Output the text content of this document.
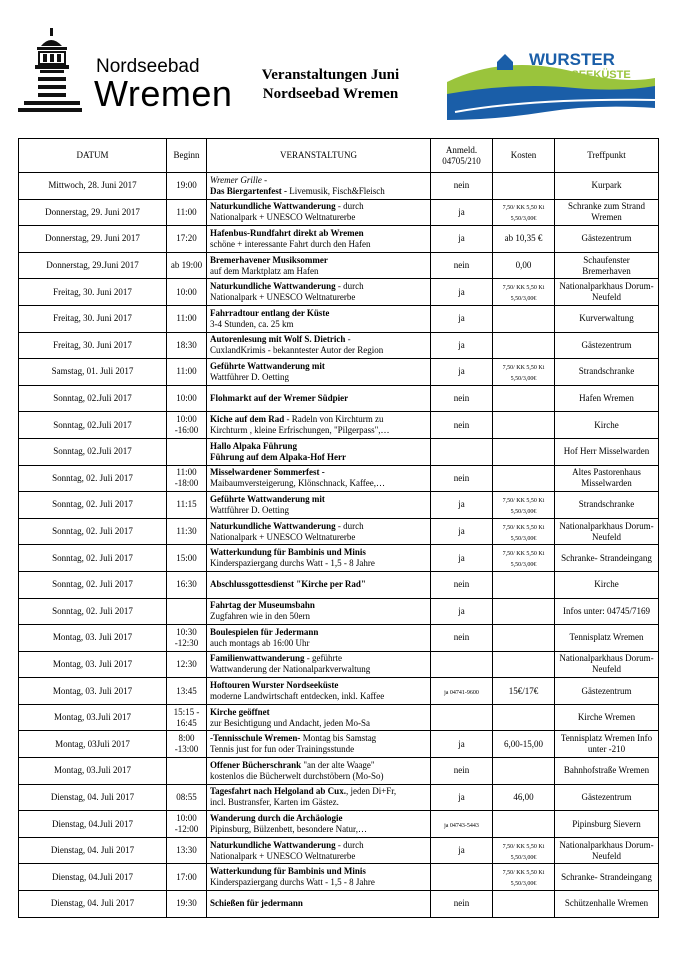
Nordseebad
Wremen	Veranstaltungen Juni
Nordseebad Wremen
WURSTER
NORDSEEKÜSTE
DATUM	Beginn	VERANSTALTUNG	Anmeld. 04705/210	Kosten	Treffpunkt
Mittwoch, 28. Juni 2017	19:00	Wremer Grille -
Das Biergartenfest - Livemusik, Fisch&Fleisch	nein		Kurpark
Donnerstag, 29. Juni 2017	11:00	Naturkundliche Wattwanderung - durch
Nationalpark + UNESCO Weltnaturerbe	ja	7,50/ KK 5,50 Ki 5,50/3,00€	Schranke zum Strand Wremen
Donnerstag, 29. Juni 2017	17:20	Hafenbus-Rundfahrt direkt ab Wremen
schöne + interessante Fahrt durch den Hafen	ja	ab 10,35 €	Gästezentrum
Donnerstag, 29.Juni 2017	ab 19:00	Bremerhavener Musiksommer
auf dem Marktplatz am Hafen	nein	0,00	Schaufenster Bremerhaven
Freitag, 30. Juni 2017	10:00	Naturkundliche Wattwanderung - durch
Nationalpark + UNESCO Weltnaturerbe	ja	7,50/ KK 5,50 Ki 5,50/3,00€	Nationalparkhaus Dorum-Neufeld
Freitag, 30. Juni 2017	11:00	Fahrradtour entlang der Küste
3-4 Stunden, ca. 25 km	ja		Kurverwaltung
Freitag, 30. Juni 2017	18:30	Autorenlesung mit Wolf S. Dietrich -
CuxlandKrimis - bekanntester Autor der Region	ja		Gästezentrum
Samstag, 01. Juli 2017	11:00	Geführte Wattwanderung mit
Wattführer D. Oetting	ja	7,50/ KK 5,50 Ki 5,50/3,00€	Strandschranke
Sonntag, 02.Juli 2017	10:00	Flohmarkt auf der Wremer Südpier	nein		Hafen Wremen
Sonntag, 02.Juli 2017	10:00 -16:00	Kiche auf dem Rad - Radeln von Kirchturm zu
Kirchturm , kleine Erfrischungen, "Pilgerpass",…	nein		Kirche
Sonntag, 02.Juli 2017		Hallo Alpaka Führung
Führung auf dem Alpaka-Hof Herr			Hof Herr Misselwarden
Sonntag, 02. Juli 2017	11:00 -18:00	Misselwardener Sommerfest -
Maibaumversteigerung, Klönschnack, Kaffee,…	nein		Altes Pastorenhaus Misselwarden
Sonntag, 02. Juli 2017	11:15	Geführte Wattwanderung mit
Wattführer D. Oetting	ja	7,50/ KK 5,50 Ki 5,50/3,00€	Strandschranke
Sonntag, 02. Juli 2017	11:30	Naturkundliche Wattwanderung - durch
Nationalpark + UNESCO Weltnaturerbe	ja	7,50/ KK 5,50 Ki 5,50/3,00€	Nationalparkhaus Dorum-Neufeld
Sonntag, 02. Juli 2017	15:00	Watterkundung für Bambinis und Minis
Kinderspaziergang durchs Watt - 1,5 - 8 Jahre	ja	7,50/ KK 5,50 Ki 5,50/3,00€	Schranke- Strandeingang
Sonntag, 02. Juli 2017	16:30	Abschlussgottesdienst "Kirche per Rad"	nein		Kirche
Sonntag, 02. Juli 2017		Fahrtag der Museumsbahn
Zugfahren wie in den 50ern	ja		Infos unter: 04745/7169
Montag, 03. Juli 2017	10:30 -12:30	Boulespielen für Jedermann
auch montags ab 16:00 Uhr	nein		Tennisplatz Wremen
Montag, 03. Juli 2017	12:30	Familienwattwanderung - geführte
Wattwanderung der Nationalparkverwaltung			Nationalparkhaus Dorum-Neufeld
Montag, 03. Juli 2017	13:45	Hoftouren Wurster Nordseeküste
moderne Landwirtschaft entdecken, inkl. Kaffee	ja 04741-9600	15€/17€	Gästezentrum
Montag, 03.Juli 2017	15:15 - 16:45	Kirche geöffnet
zur Besichtigung und Andacht, jeden Mo-Sa			Kirche Wremen
Montag, 03Juli 2017	8:00 -13:00	-Tennisschule Wremen- Montag bis Samstag
Tennis just for fun oder Trainingsstunde	ja	6,00-15,00	Tennisplatz Wremen Info unter -210
Montag, 03.Juli 2017		Offener Bücherschrank "an der alte Waage"
kostenlos die Bücherwelt durchstöbern (Mo-So)	nein		Bahnhofstraße Wremen
Dienstag, 04. Juli 2017	08:55	Tagesfahrt nach Helgoland ab Cux., jeden Di+Fr,
incl. Bustransfer, Karten im Gästez.	ja	46,00	Gästezentrum
Dienstag, 04.Juli 2017	10:00 -12:00	Wanderung durch die Archäologie
Pipinsburg, Bülzenbett, besondere Natur,…	ja 04743-5443		Pipinsburg Sievern
Dienstag, 04. Juli 2017	13:30	Naturkundliche Wattwanderung - durch
Nationalpark + UNESCO Weltnaturerbe	ja	7,50/ KK 5,50 Ki 5,50/3,00€	Nationalparkhaus Dorum-Neufeld
Dienstag, 04.Juli 2017	17:00	Watterkundung für Bambinis und Minis
Kinderspaziergang durchs Watt - 1,5 - 8 Jahre		7,50/ KK 5,50 Ki 5,50/3,00€	Schranke- Strandeingang
Dienstag, 04. Juli 2017	19:30	Schießen für jedermann	nein		Schützenhalle Wremen
